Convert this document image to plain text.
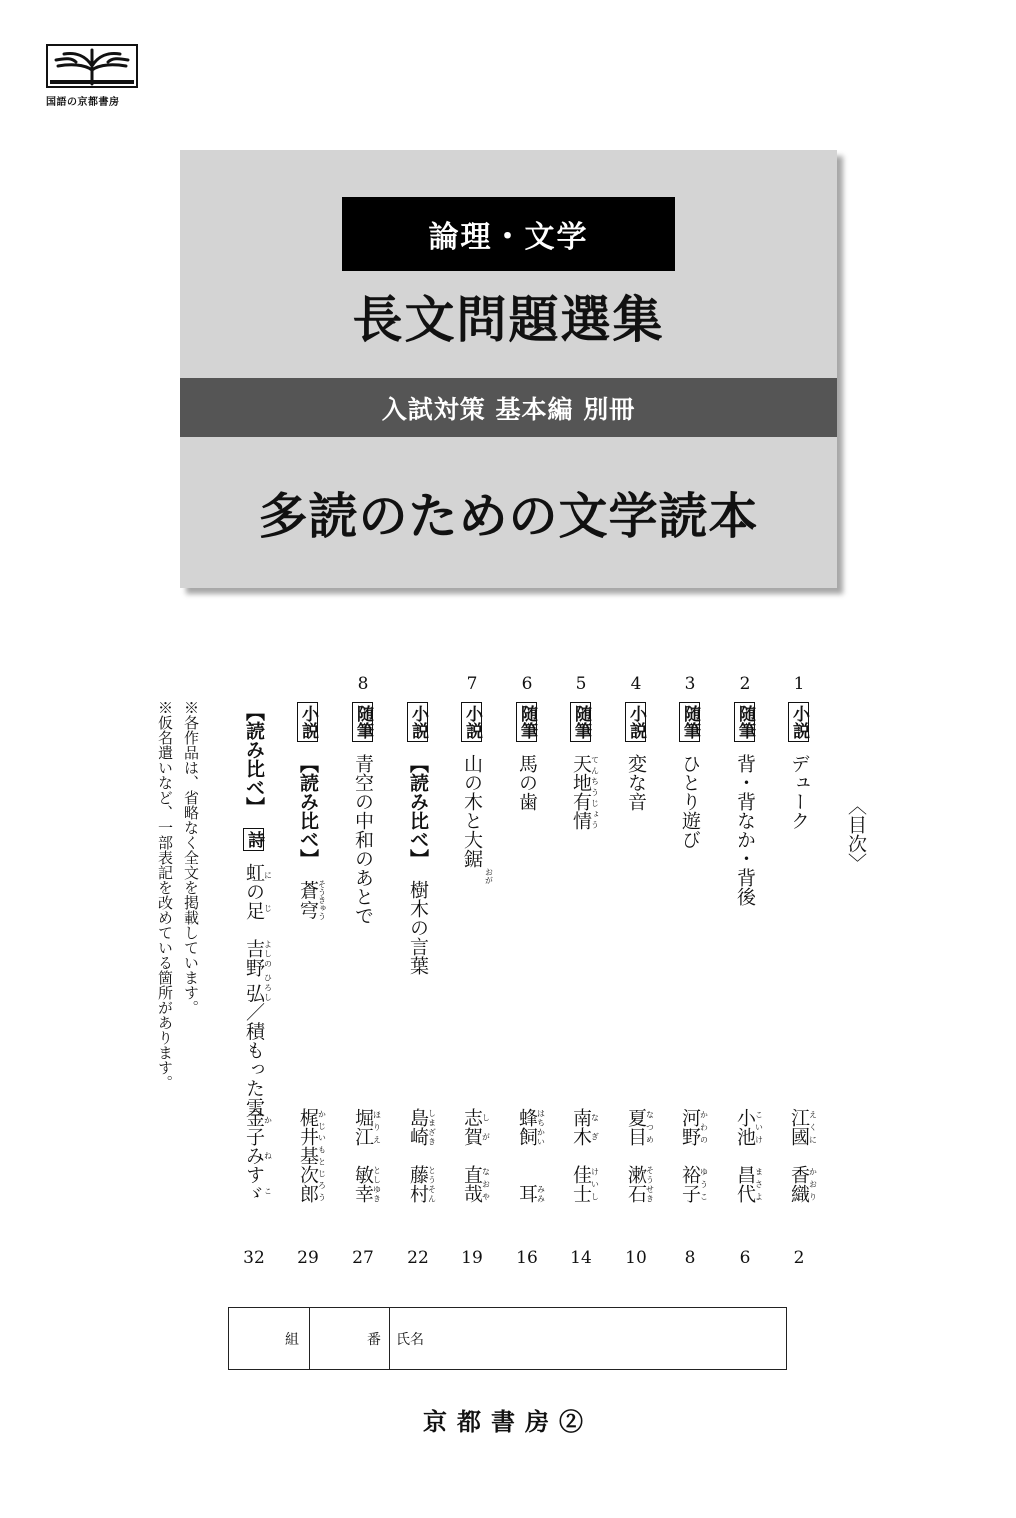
国語の京都書房
論理・文学
長文問題選集
入試対策 基本編 別冊
多読のための文学読本
〈目次〉
1
小説デューク
江國えくに　香織かおり
2
2
随筆背・背なか・背後
小池こいけ　昌代まさよ
6
3
随筆ひとり遊び
河野かわの　裕子ゆうこ
8
4
小説変な音
夏目なつめ　漱石そうせき
10
5
随筆天地有情てんちうじょう
南木なぎ　佳士けいし
14
6
随筆馬の歯
蜂飼はちかい　　耳みみ
16
7
小説山の木と大鋸おが
志賀しが　直哉なおや
19
小説【読み比べ】樹木の言葉
島崎しまざき　藤村とうそん
22
8
随筆青空の中和のあとで
堀江ほりえ　敏幸としゆき
27
小説【読み比べ】蒼穹そうきゅう
梶井基次郎かじいもとじろう
29
【読み比べ】詩虹の足にじ　吉野 弘よしの ひろし／積もった雪
金子みすゞかねこ
32
※各作品は、省略なく全文を掲載しています。
※仮名遣いなど、一部表記を改めている箇所があります。
組	番 氏名
京都書房②
